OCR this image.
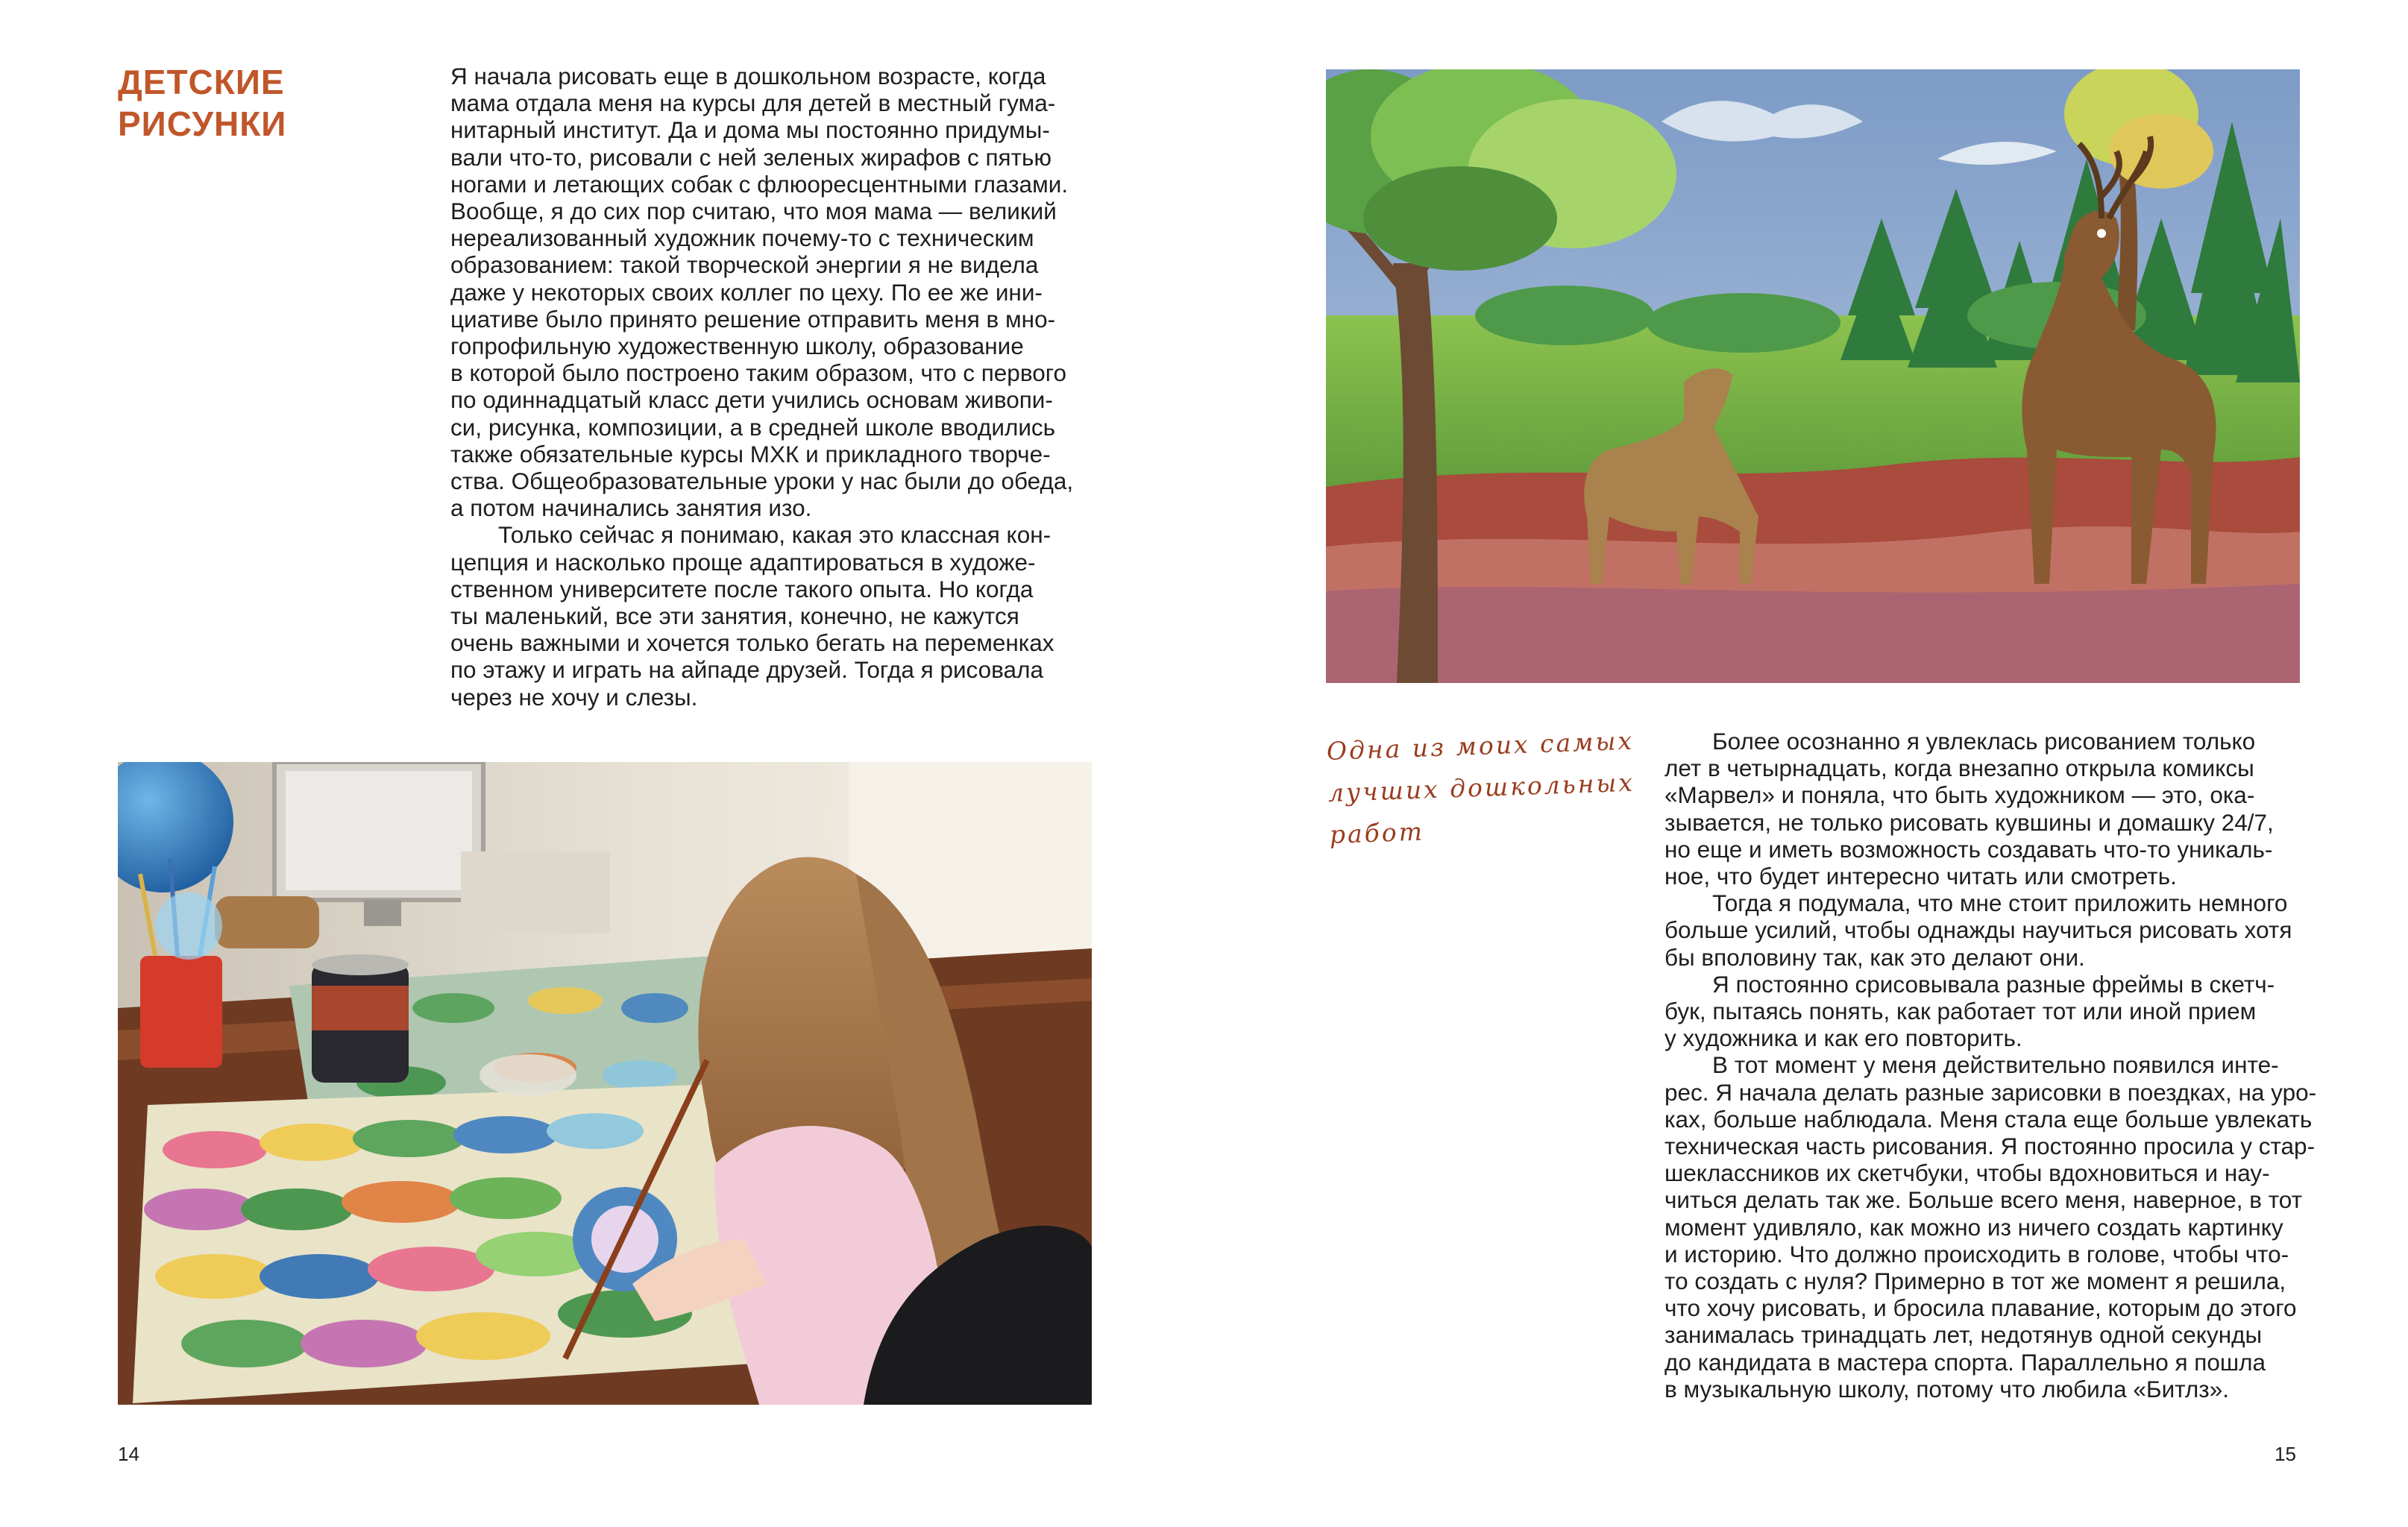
ДЕТСКИЕ
РИСУНКИ
Я начала рисовать еще в дошкольном возрасте, когда
мама отдала меня на курсы для детей в местный гума-
нитарный институт. Да и дома мы постоянно придумы-
вали что-то, рисовали с ней зеленых жирафов с пятью
ногами и летающих собак с флюоресцентными глазами.
Вообще, я до сих пор считаю, что моя мама — великий
нереализованный художник почему-то с техническим
образованием: такой творческой энергии я не видела
даже у некоторых своих коллег по цеху. По ее же ини-
циативе было принято решение отправить меня в мно-
гопрофильную художественную школу, образование
в которой было построено таким образом, что с первого
по одиннадцатый класс дети учились основам живопи-
си, рисунка, композиции, а в средней школе вводились
также обязательные курсы МХК и прикладного творче-
ства. Общеобразовательные уроки у нас были до обеда,
а потом начинались занятия изо.
Только сейчас я понимаю, какая это классная кон-
цепция и насколько проще адаптироваться в художе-
ственном университете после такого опыта. Но когда
ты маленький, все эти занятия, конечно, не кажутся
очень важными и хочется только бегать на переменках
по этажу и играть на айпаде друзей. Тогда я рисовала
через не хочу и слезы.
Одна из моих самых
лучших дошкольных
работ
Более осознанно я увлеклась рисованием только
лет в четырнадцать, когда внезапно открыла комиксы
«Марвел» и поняла, что быть художником — это, ока-
зывается, не только рисовать кувшины и домашку 24/7,
но еще и иметь возможность создавать что-то уникаль-
ное, что будет интересно читать или смотреть.
Тогда я подумала, что мне стоит приложить немного
больше усилий, чтобы однажды научиться рисовать хотя
бы вполовину так, как это делают они.
Я постоянно срисовывала разные фреймы в скетч-
бук, пытаясь понять, как работает тот или иной прием
у художника и как его повторить.
В тот момент у меня действительно появился инте-
рес. Я начала делать разные зарисовки в поездках, на уро-
ках, больше наблюдала. Меня стала еще больше увлекать
техническая часть рисования. Я постоянно просила у стар-
шеклассников их скетчбуки, чтобы вдохновиться и нау-
читься делать так же. Больше всего меня, наверное, в тот
момент удивляло, как можно из ничего создать картинку
и историю. Что должно происходить в голове, чтобы что-
то создать с нуля? Примерно в тот же момент я решила,
что хочу рисовать, и бросила плавание, которым до этого
занималась тринадцать лет, недотянув одной секунды
до кандидата в мастера спорта. Параллельно я пошла
в музыкальную школу, потому что любила «Битлз».
14	15
